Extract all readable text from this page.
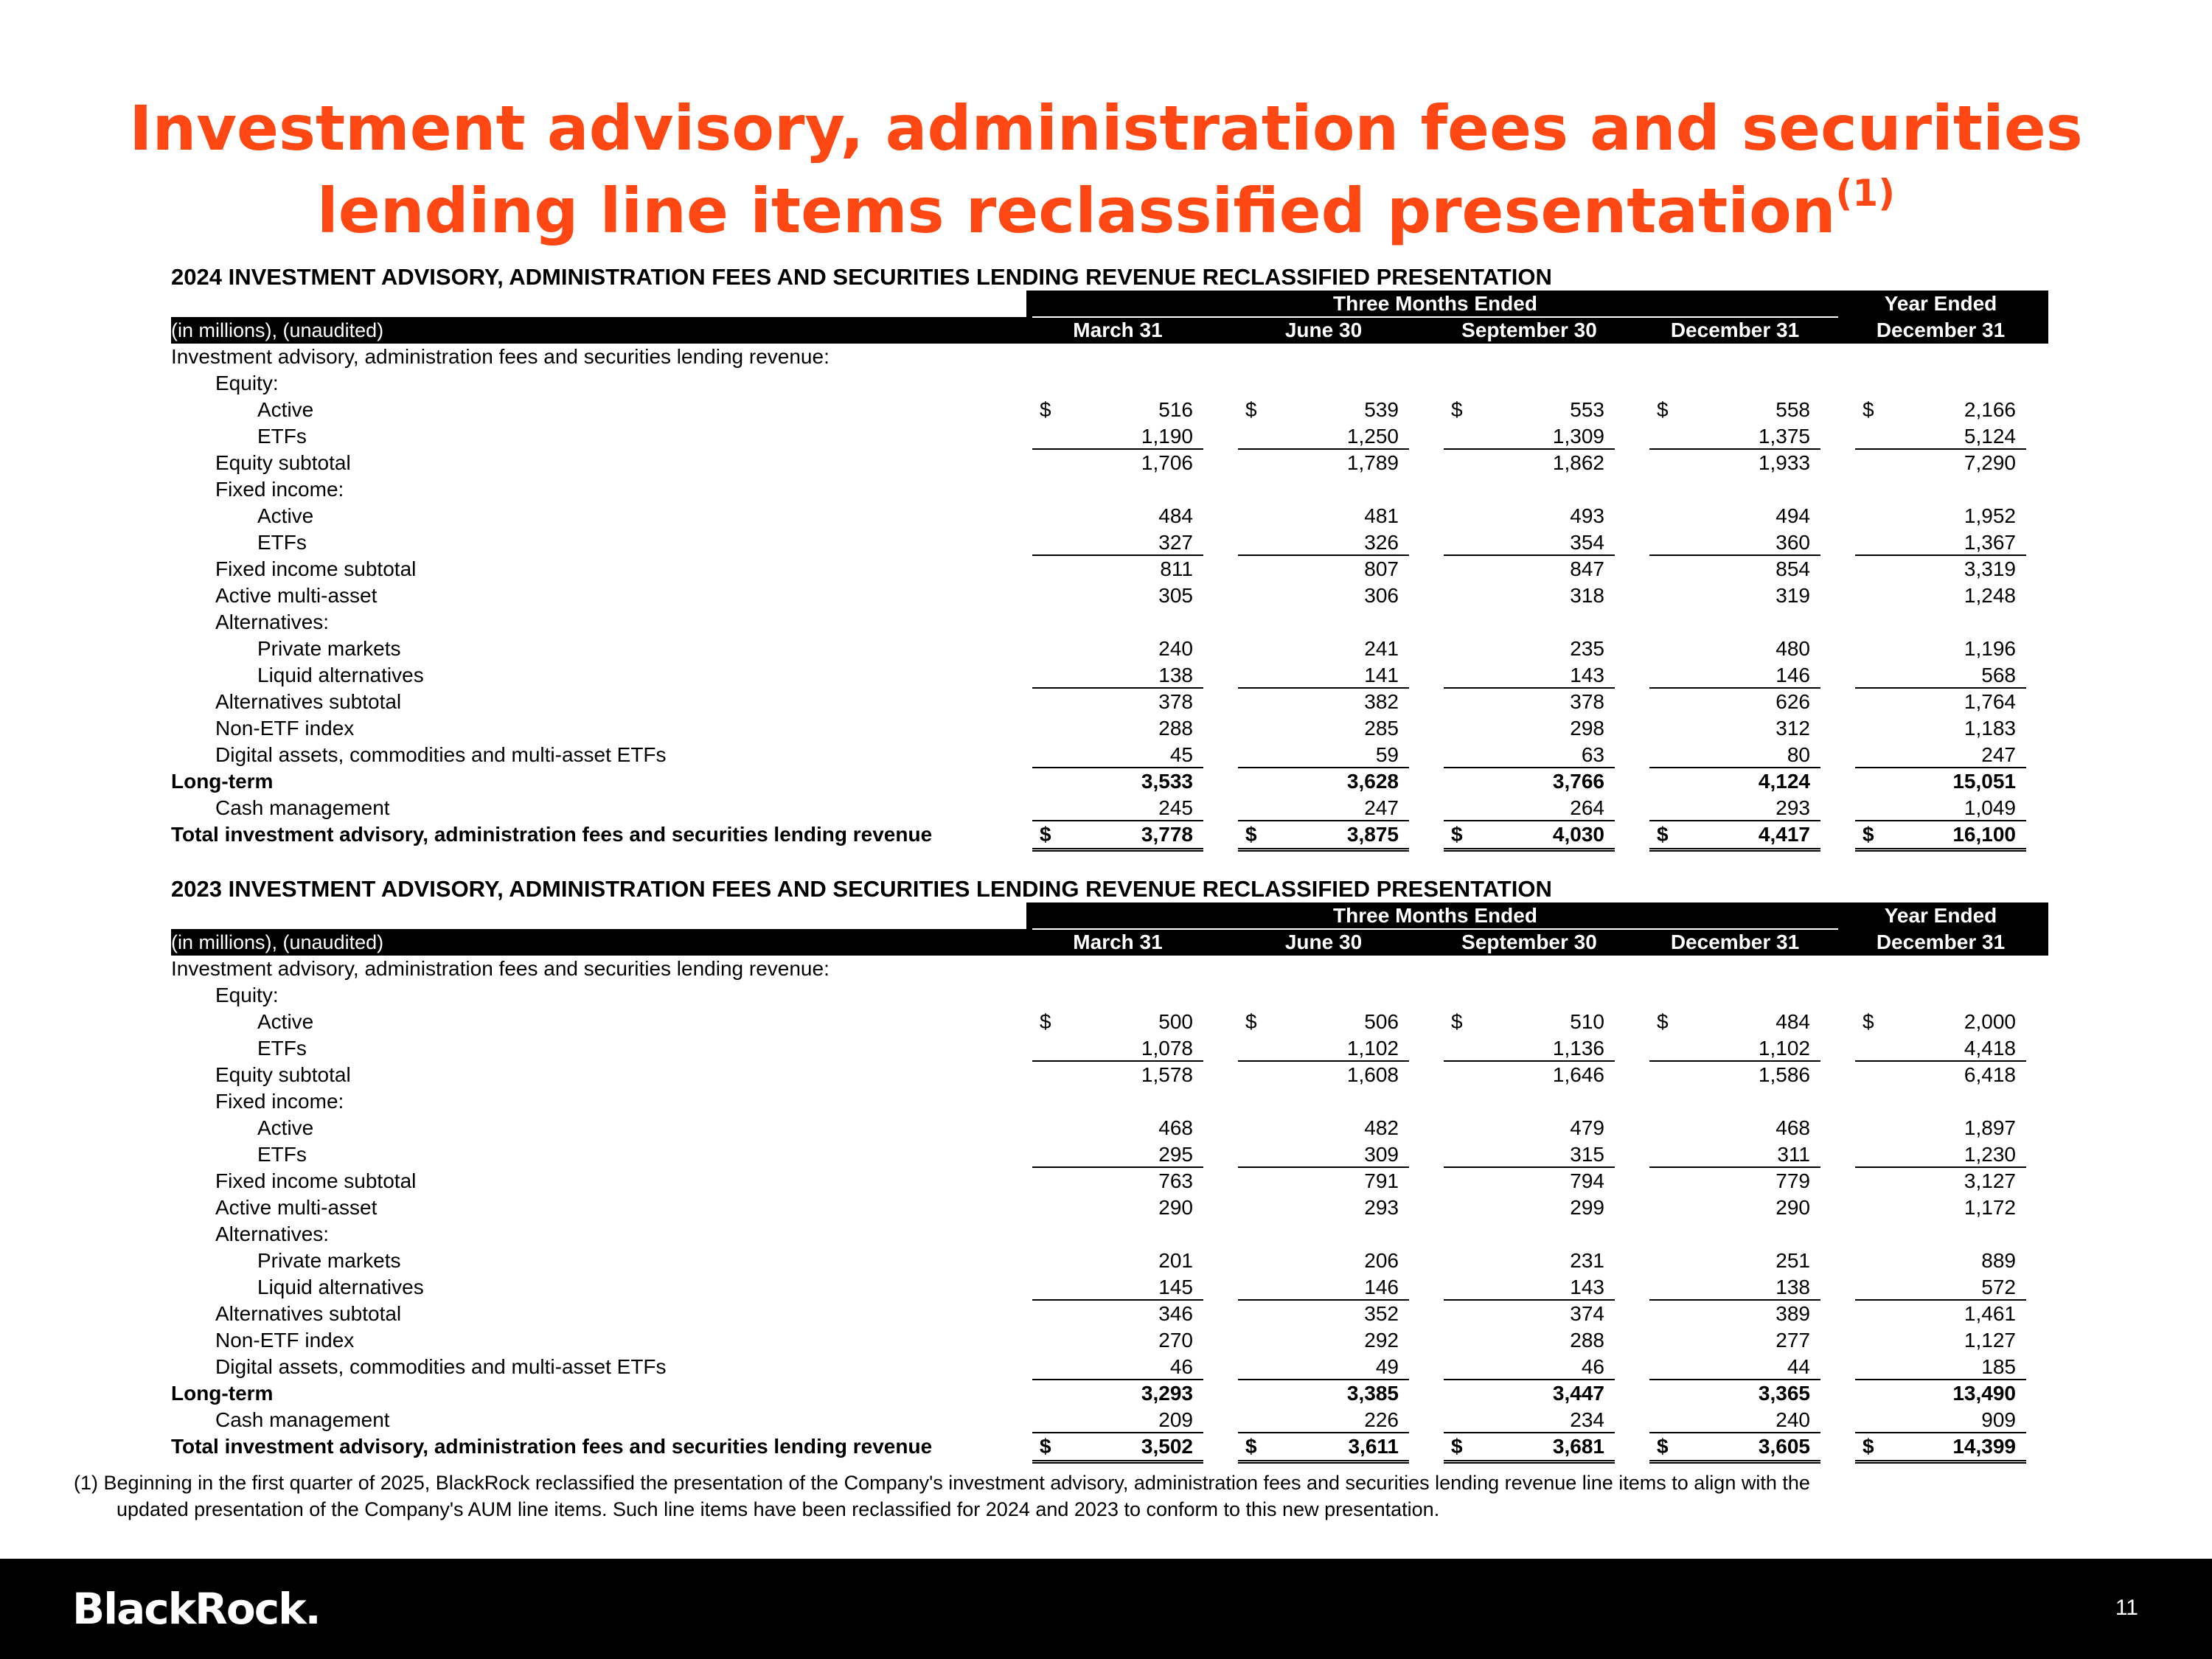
Investment advisory, administration fees and securities
lending line items reclassified presentation$^{(1)}$
2024 INVESTMENT ADVISORY, ADMINISTRATION FEES AND SECURITIES LENDING REVENUE RECLASSIFIED PRESENTATION
(in millions), (unaudited)
Three Months Ended	Year Ended
March 31	June 30	September 30	December 31	December 31
Investment advisory, administration fees and securities lending revenue:
Equity:
Active	$	516	$	539	$	553	$	558	$	2,166
ETFs	1,190	1,250	1,309	1,375	5,124
Equity subtotal	1,706	1,789	1,862	1,933	7,290
Fixed income:
Active	484	481	493	494	1,952
ETFs	327	326	354	360	1,367
Fixed income subtotal	811	807	847	854	3,319
Active multi-asset	305	306	318	319	1,248
Alternatives:
Private markets	240	241	235	480	1,196
Liquid alternatives	138	141	143	146	568
Alternatives subtotal	378	382	378	626	1,764
Non-ETF index	288	285	298	312	1,183
Digital assets, commodities and multi-asset ETFs	45	59	63	80	247
Long-term	3,533	3,628	3,766	4,124	15,051
Cash management	245	247	264	293	1,049
Total investment advisory, administration fees and securities lending revenue	$	3,778	$	3,875	$	4,030	$	4,417	$	16,100
2023 INVESTMENT ADVISORY, ADMINISTRATION FEES AND SECURITIES LENDING REVENUE RECLASSIFIED PRESENTATION
(in millions), (unaudited)
Three Months Ended	Year Ended
March 31	June 30	September 30	December 31	December 31
Investment advisory, administration fees and securities lending revenue:
Equity:
Active	$	500	$	506	$	510	$	484	$	2,000
ETFs	1,078	1,102	1,136	1,102	4,418
Equity subtotal	1,578	1,608	1,646	1,586	6,418
Fixed income:
Active	468	482	479	468	1,897
ETFs	295	309	315	311	1,230
Fixed income subtotal	763	791	794	779	3,127
Active multi-asset	290	293	299	290	1,172
Alternatives:
Private markets	201	206	231	251	889
Liquid alternatives	145	146	143	138	572
Alternatives subtotal	346	352	374	389	1,461
Non-ETF index	270	292	288	277	1,127
Digital assets, commodities and multi-asset ETFs	46	49	46	44	185
Long-term	3,293	3,385	3,447	3,365	13,490
Cash management	209	226	234	240	909
Total investment advisory, administration fees and securities lending revenue	$	3,502	$	3,611	$	3,681	$	3,605	$	14,399
(1) Beginning in the first quarter of 2025, BlackRock reclassified the presentation of the Company's investment advisory, administration fees and securities lending revenue line items to align with the
updated presentation of the Company's AUM line items. Such line items have been reclassified for 2024 and 2023 to conform to this new presentation.
BlackRock.	11
